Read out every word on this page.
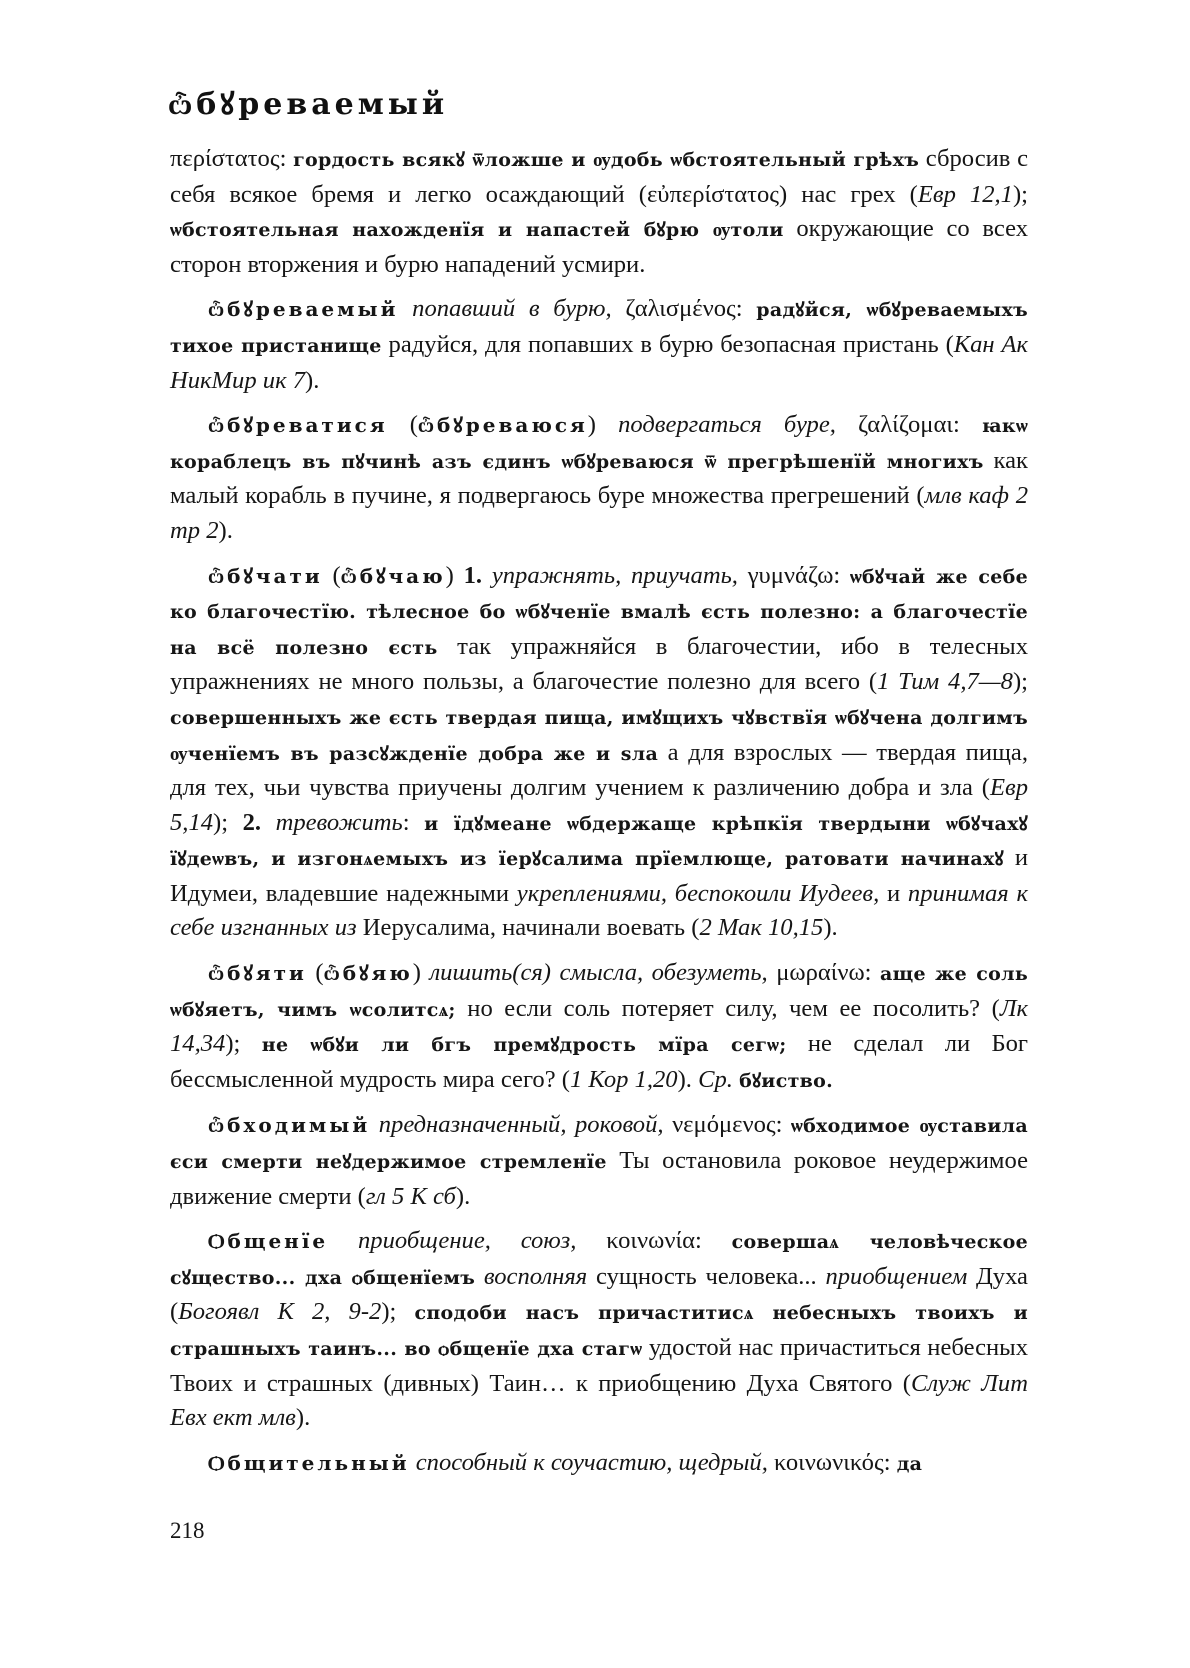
ѽбꙋреваемый

περίστατος: гордость всякꙋ ѿложше и ѹдобь ѡбстоятельный грѣхъ сбросив с себя всякое бремя и легко осаждающий (εὐπερίστατος) нас грех (Евр 12,1); ѡбстоятельная нахожденїя и напастей бꙋрю ѹтоли окружающие со всех сторон вторжения и бурю нападений усмири.

ѽбꙋреваемый попавший в бурю, ζαλισμένος: радꙋйся, ѡбꙋреваемыхъ тихое пристанище радуйся, для попавших в бурю безопасная пристань (Кан Ак НикМир ик 7).

ѽбꙋреватися (ѽбꙋреваюся) подвергаться буре, ζαλίζομαι: ꙗкѡ кораблецъ въ пꙋчинѣ азъ єдинъ ѡбꙋреваюся ѿ прегрѣшенїй многихъ как малый корабль в пучине, я подвергаюсь буре множества прегрешений (млв каф 2 тр 2).

ѽбꙋчати (ѽбꙋчаю) 1. упражнять, приучать, γυμνάζω: ѡбꙋчай же себе ко благочестїю. тѣлесное бо ѡбꙋченїе вмалѣ єсть полезно: а благочестїе на всё полезно єсть так упражняйся в благочестии, ибо в телесных упражнениях не много пользы, а благочестие полезно для всего (1 Тим 4,7—8); совершенныхъ же єсть твердая пища, имꙋщихъ чꙋвствїя ѡбꙋчена долгимъ ѹченїемъ въ разсꙋжденїе добра же и ѕла а для взрослых — твердая пища, для тех, чьи чувства приучены долгим учением к различению добра и зла (Евр 5,14); 2. тревожить: и їдꙋмеане ѡбдержаще крѣпкїя твердыни ѡбꙋчахꙋ їꙋдеѡвъ, и изгонѧемыхъ из їерꙋсалима прїемлюще, ратовати начинахꙋ и Идумеи, владевшие надежными укреплениями, беспокоили Иудеев, и принимая к себе изгнанных из Иерусалима, начинали воевать (2 Мак 10,15).

ѽбꙋяти (ѽбꙋяю) лишить(ся) смысла, обезуметь, μωραίνω: аще же соль ѡбꙋяетъ, чимъ ѡсолитсѧ; но если соль потеряет силу, чем ее посолить? (Лк 14,34); не ѡбꙋи ли бгъ премꙋдрость мїра сегѡ; не сделал ли Бог бессмысленной мудрость мира сего? (1 Кор 1,20). Ср. бꙋиство.

ѽбходимый предназначенный, роковой, νεμόμενος: ѡбходимое ѹставила єси смерти неꙋдержимое стремленїе Ты остановила роковое неудержимое движение смерти (гл 5 К сб).

Ѻбщенїе приобщение, союз, κοινωνία: совершаѧ человѣческое сꙋщество... дха ѻбщенїемъ восполняя сущность человека... приобщением Духа (Богоявл К 2, 9-2); сподоби насъ причаститисѧ небесныхъ твоихъ и страшныхъ таинъ... во ѻбщенїе дха стагѡ удостой нас причаститься небесных Твоих и страшных (дивных) Таин… к приобщению Духа Святого (Служ Лит Евх ект млв).

Ѻбщительный способный к соучастию, щедрый, κοινωνικός: да

218
